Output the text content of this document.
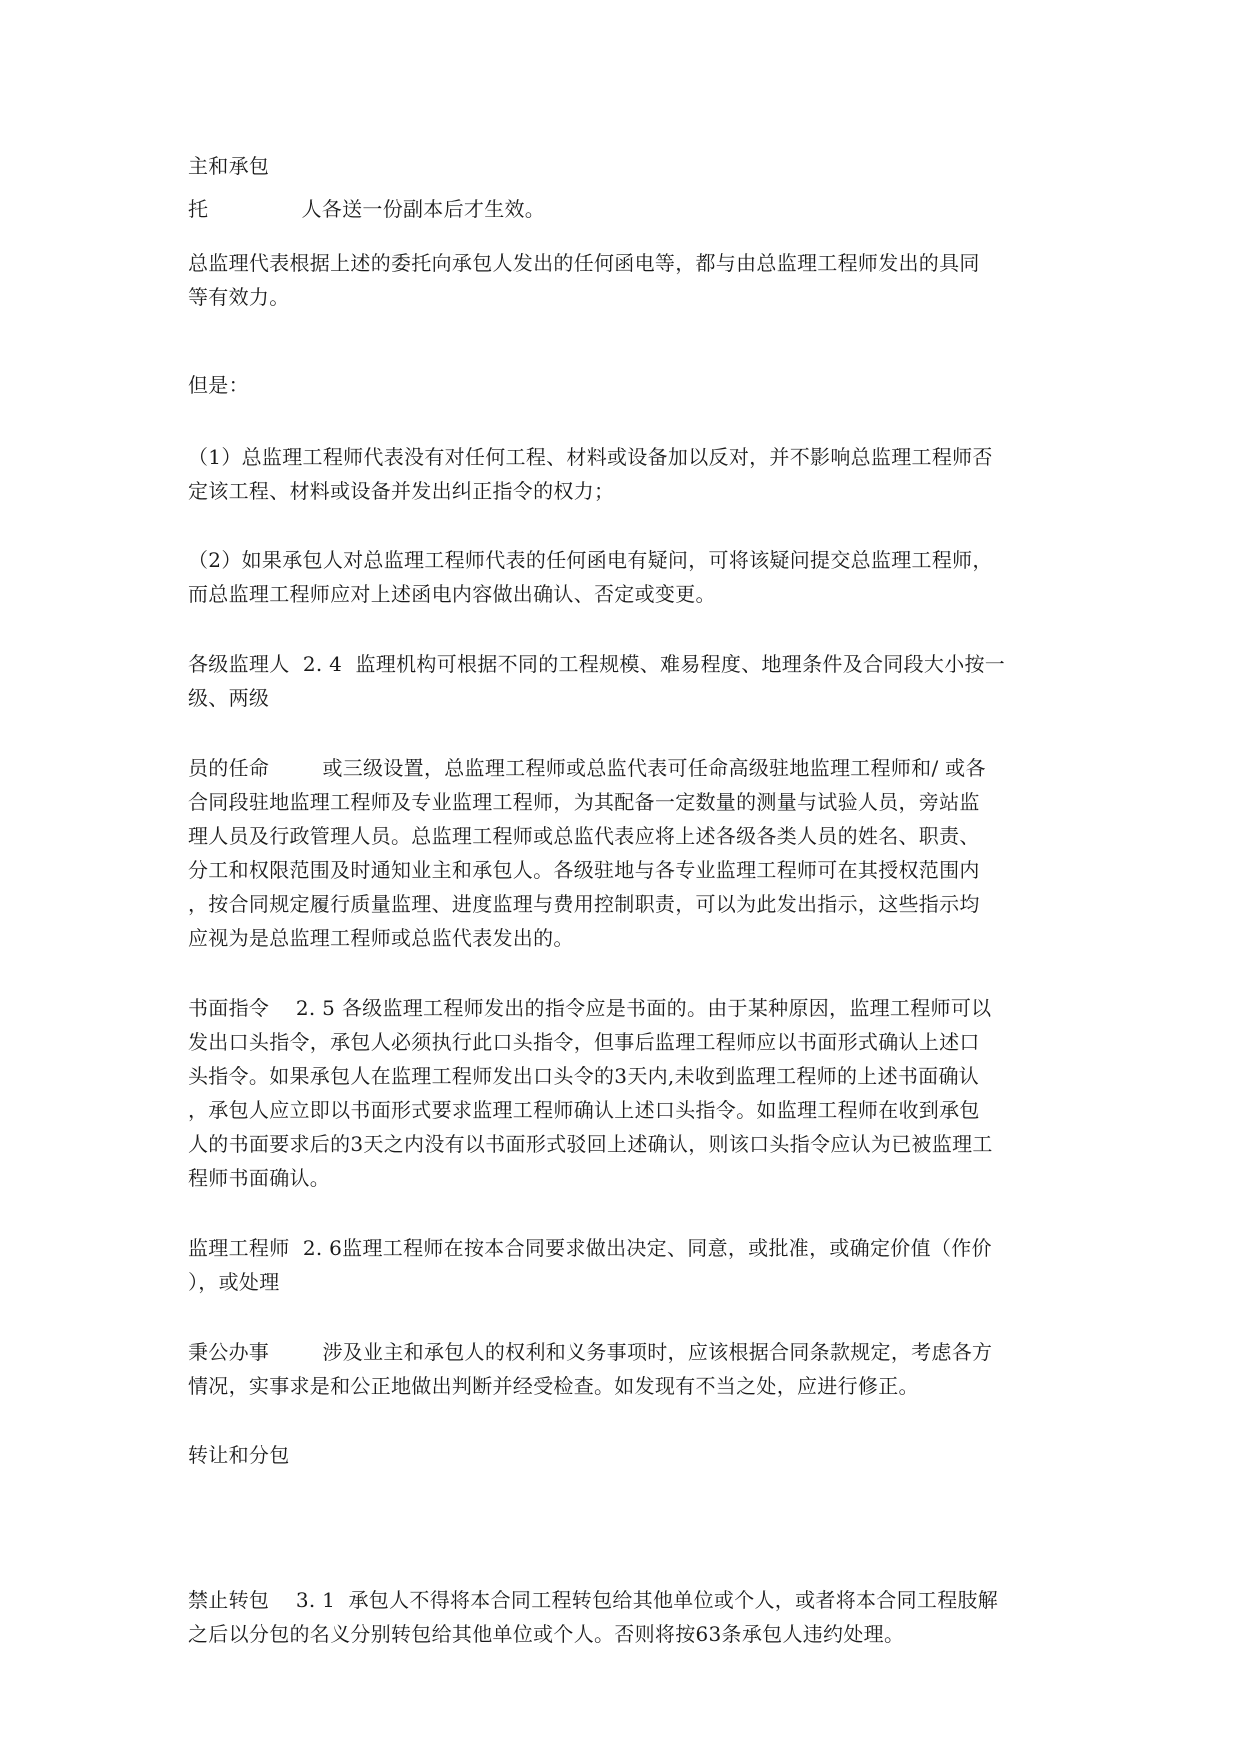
主和承包
托              人各送一份副本后才生效。
总监理代表根据上述的委托向承包人发出的任何函电等，都与由总监理工程师发出的具同
等有效力。
但是：
（1）总监理工程师代表没有对任何工程、材料或设备加以反对，并不影响总监理工程师否
定该工程、材料或设备并发出纠正指令的权力；
（2）如果承包人对总监理工程师代表的任何函电有疑问，可将该疑问提交总监理工程师，
而总监理工程师应对上述函电内容做出确认、否定或变更。
各级监理人  2. 4  监理机构可根据不同的工程规模、难易程度、地理条件及合同段大小按一
级、两级
员的任命        或三级设置，总监理工程师或总监代表可任命高级驻地监理工程师和/ 或各
合同段驻地监理工程师及专业监理工程师，为其配备一定数量的测量与试验人员，旁站监
理人员及行政管理人员。总监理工程师或总监代表应将上述各级各类人员的姓名、职责、
分工和权限范围及时通知业主和承包人。各级驻地与各专业监理工程师可在其授权范围内
，按合同规定履行质量监理、进度监理与费用控制职责，可以为此发出指示，这些指示均
应视为是总监理工程师或总监代表发出的。
书面指令    2. 5 各级监理工程师发出的指令应是书面的。由于某种原因，监理工程师可以
发出口头指令，承包人必须执行此口头指令，但事后监理工程师应以书面形式确认上述口
头指令。如果承包人在监理工程师发出口头令的3天内,未收到监理工程师的上述书面确认
，承包人应立即以书面形式要求监理工程师确认上述口头指令。如监理工程师在收到承包
人的书面要求后的3天之内没有以书面形式驳回上述确认，则该口头指令应认为已被监理工
程师书面确认。
监理工程师  2. 6监理工程师在按本合同要求做出决定、同意，或批准，或确定价值（作价
），或处理
秉公办事        涉及业主和承包人的权利和义务事项时，应该根据合同条款规定，考虑各方
情况，实事求是和公正地做出判断并经受检查。如发现有不当之处，应进行修正。
转让和分包
禁止转包    3. 1  承包人不得将本合同工程转包给其他单位或个人，或者将本合同工程肢解
之后以分包的名义分别转包给其他单位或个人。否则将按63条承包人违约处理。
